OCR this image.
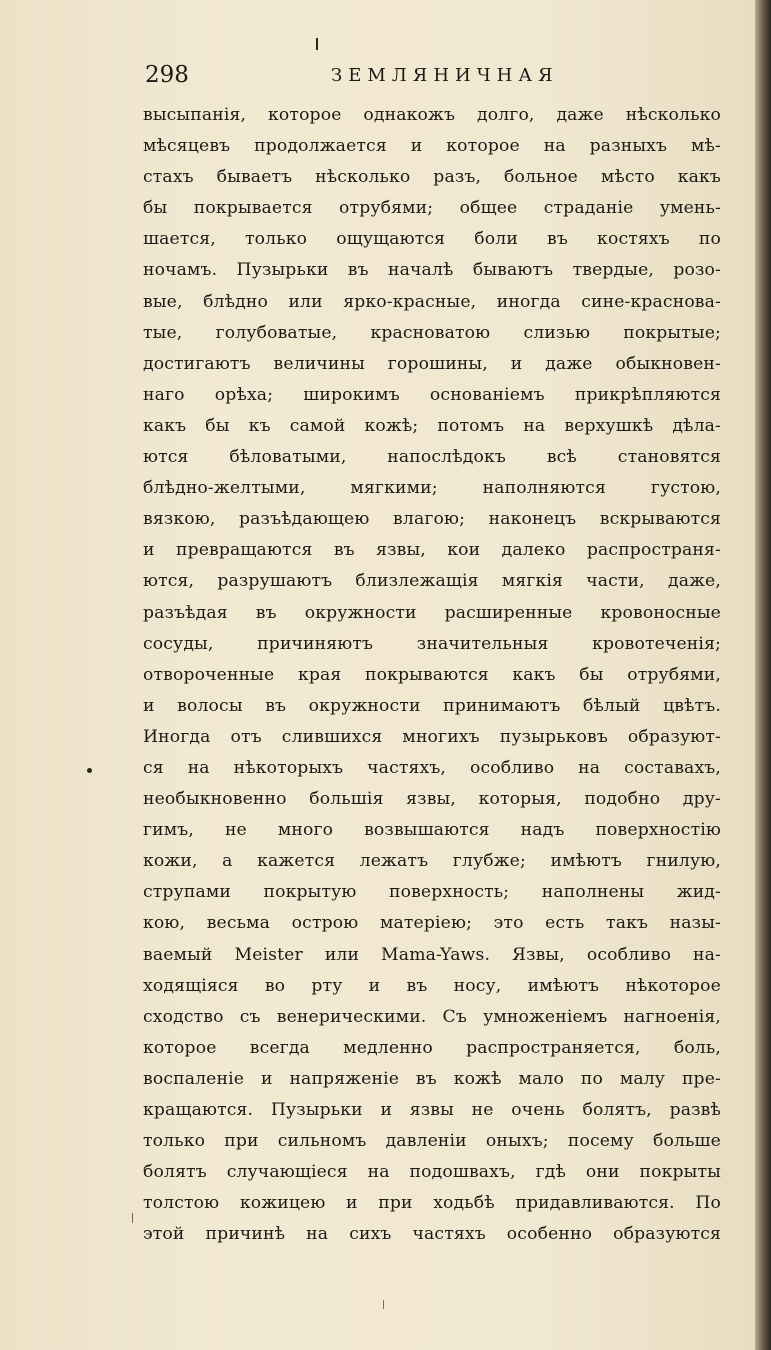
298	ЗЕМЛЯНИЧНАЯ
высыпанія, которое однакожъ долго, даже нѣсколько
мѣсяцевъ продолжается и которое на разныхъ мѣ-
стахъ бываетъ нѣсколько разъ, больное мѣсто какъ
бы покрывается отрубями; общее страданіе умень-
шается, только ощущаются боли въ костяхъ по
ночамъ. Пузырьки въ началѣ бываютъ твердые, розо-
вые, блѣдно или ярко-красные, иногда сине-краснова-
тые, голубоватые, красноватою слизью покрытые;
достигаютъ величины горошины, и даже обыкновен-
наго орѣха; широкимъ основаніемъ прикрѣпляются
какъ бы къ самой кожѣ; потомъ на верхушкѣ дѣла-
ются бѣловатыми, напослѣдокъ всѣ становятся
блѣдно-желтыми, мягкими; наполняются густою,
вязкою, разъѣдающею влагою; наконецъ вскрываются
и превращаются въ язвы, кои далеко распространя-
ются, разрушаютъ близлежащія мягкія части, даже,
разъѣдая въ окружности расширенные кровоносные
сосуды, причиняютъ значительныя кровотеченія;
отвороченные края покрываются какъ бы отрубями,
и волосы въ окружности принимаютъ бѣлый цвѣтъ.
Иногда отъ слившихся многихъ пузырьковъ образуют-
ся на нѣкоторыхъ частяхъ, особливо на составахъ,
необыкновенно большія язвы, которыя, подобно дру-
гимъ, не много возвышаются надъ поверхностію
кожи, а кажется лежатъ глубже; имѣютъ гнилую,
струпами покрытую поверхность; наполнены жид-
кою, весьма острою матеріею; это есть такъ назы-
ваемый Meister или Mama-Yaws. Язвы, особливо на-
ходящіяся во рту и въ носу, имѣютъ нѣкоторое
сходство съ венерическими. Съ умноженіемъ нагноенія,
которое всегда медленно распространяется, боль,
воспаленіе и напряженіе въ кожѣ мало по малу пре-
кращаются. Пузырьки и язвы не очень болятъ, развѣ
только при сильномъ давленіи оныхъ; посему больше
болятъ случающіеся на подошвахъ, гдѣ они покрыты
толстою кожицею и при ходьбѣ придавливаются. По
этой причинѣ на сихъ частяхъ особенно образуются
